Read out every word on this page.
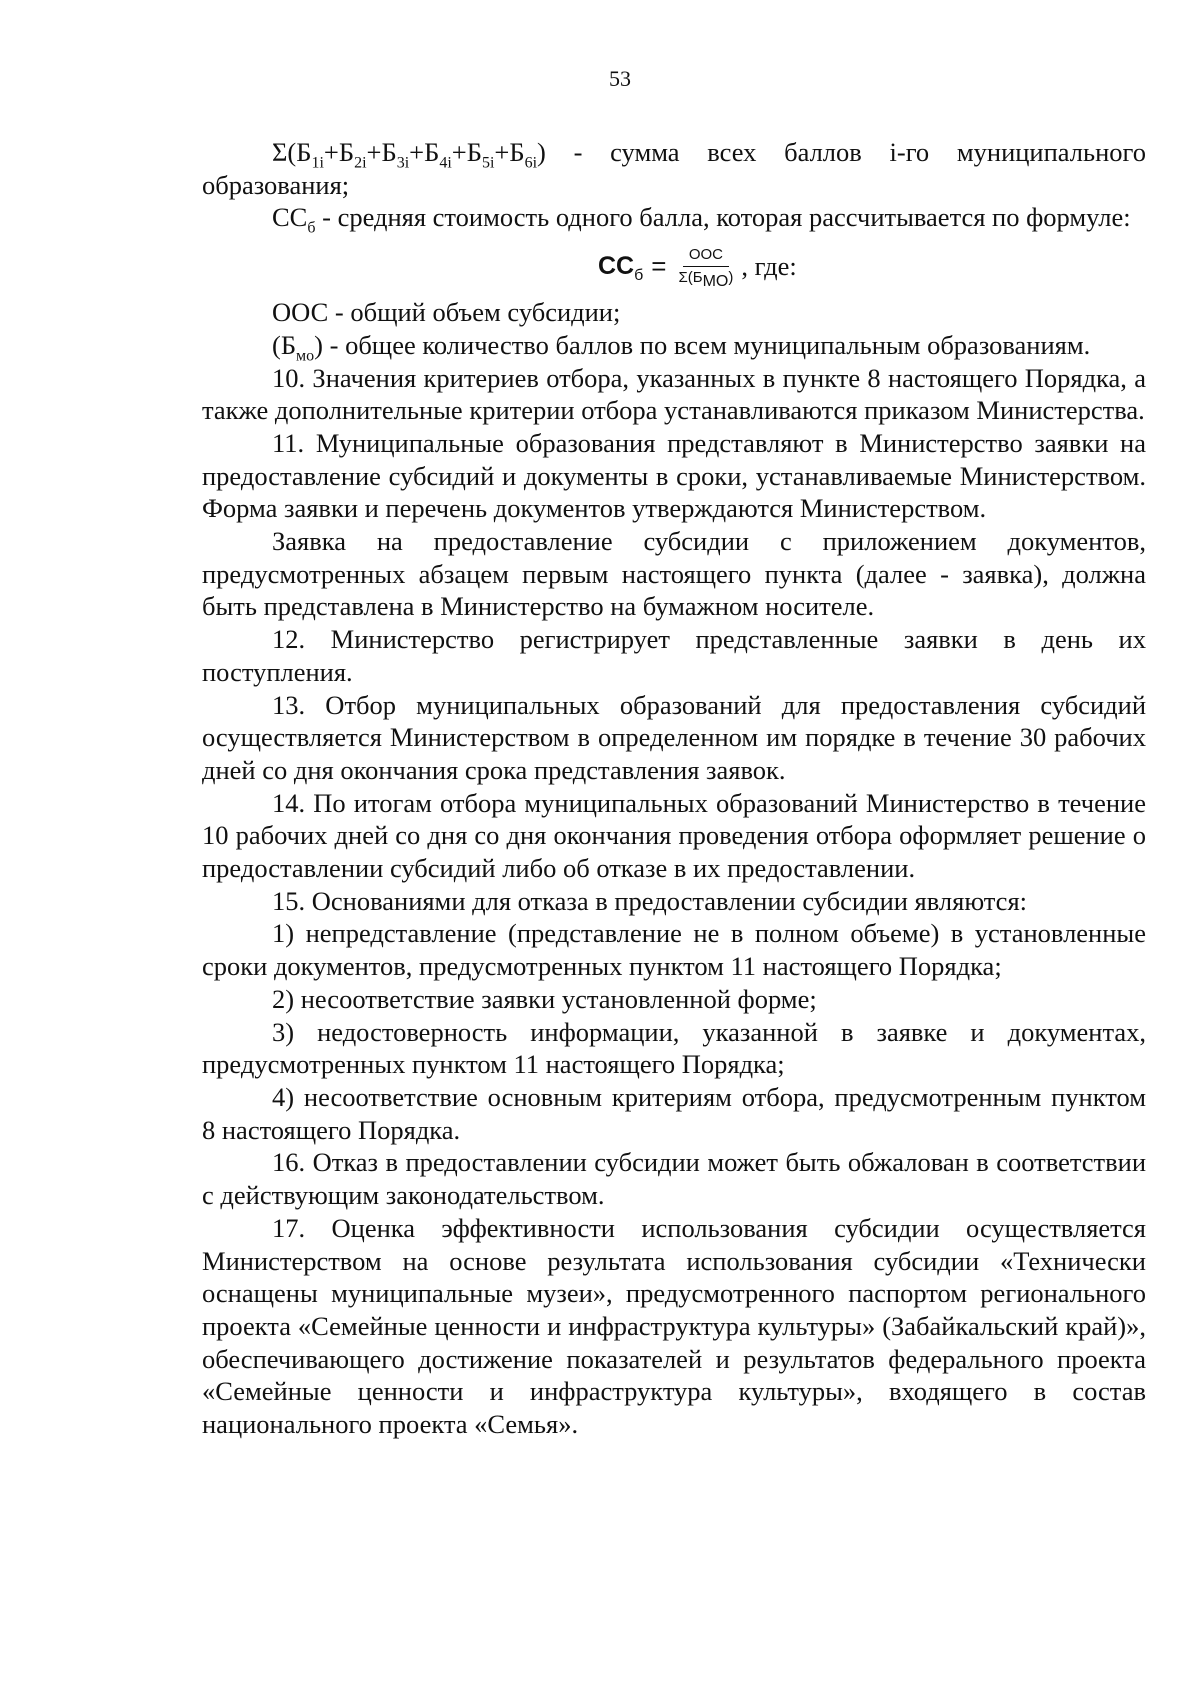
53

$\Sigma(Б_{1i}+Б_{2i}+Б_{3i}+Б_{4i}+Б_{5i}+Б_{6i})$ - сумма всех баллов i-го муниципального образования;

$СС_б$ - средняя стоимость одного балла, которая рассчитывается по формуле:

$СС_б = \frac{\text{ООС}}{\Sigma(Б_{МО})}$ , где:

ООС - общий объем субсидии;

$(Б_{мо})$ - общее количество баллов по всем муниципальным образованиям.

10. Значения критериев отбора, указанных в пункте 8 настоящего Порядка, а также дополнительные критерии отбора устанавливаются приказом Министерства.

11. Муниципальные образования представляют в Министерство заявки на предоставление субсидий и документы в сроки, устанавливаемые Министерством. Форма заявки и перечень документов утверждаются Министерством.

Заявка на предоставление субсидии с приложением документов, предусмотренных абзацем первым настоящего пункта (далее - заявка), должна быть представлена в Министерство на бумажном носителе.

12. Министерство регистрирует представленные заявки в день их поступления.

13. Отбор муниципальных образований для предоставления субсидий осуществляется Министерством в определенном им порядке в течение 30 рабочих дней со дня окончания срока представления заявок.

14. По итогам отбора муниципальных образований Министерство в течение 10 рабочих дней со дня со дня окончания проведения отбора оформляет решение о предоставлении субсидий либо об отказе в их предоставлении.

15. Основаниями для отказа в предоставлении субсидии являются:

1) непредставление (представление не в полном объеме) в установленные сроки документов, предусмотренных пунктом 11 настоящего Порядка;

2) несоответствие заявки установленной форме;

3) недостоверность информации, указанной в заявке и документах, предусмотренных пунктом 11 настоящего Порядка;

4) несоответствие основным критериям отбора, предусмотренным пунктом 8 настоящего Порядка.

16. Отказ в предоставлении субсидии может быть обжалован в соответствии с действующим законодательством.

17. Оценка эффективности использования субсидии осуществляется Министерством на основе результата использования субсидии «Технически оснащены муниципальные музеи», предусмотренного паспортом регионального проекта «Семейные ценности и инфраструктура культуры» (Забайкальский край)», обеспечивающего достижение показателей и результатов федерального проекта «Семейные ценности и инфраструктура культуры», входящего в состав национального проекта «Семья».
